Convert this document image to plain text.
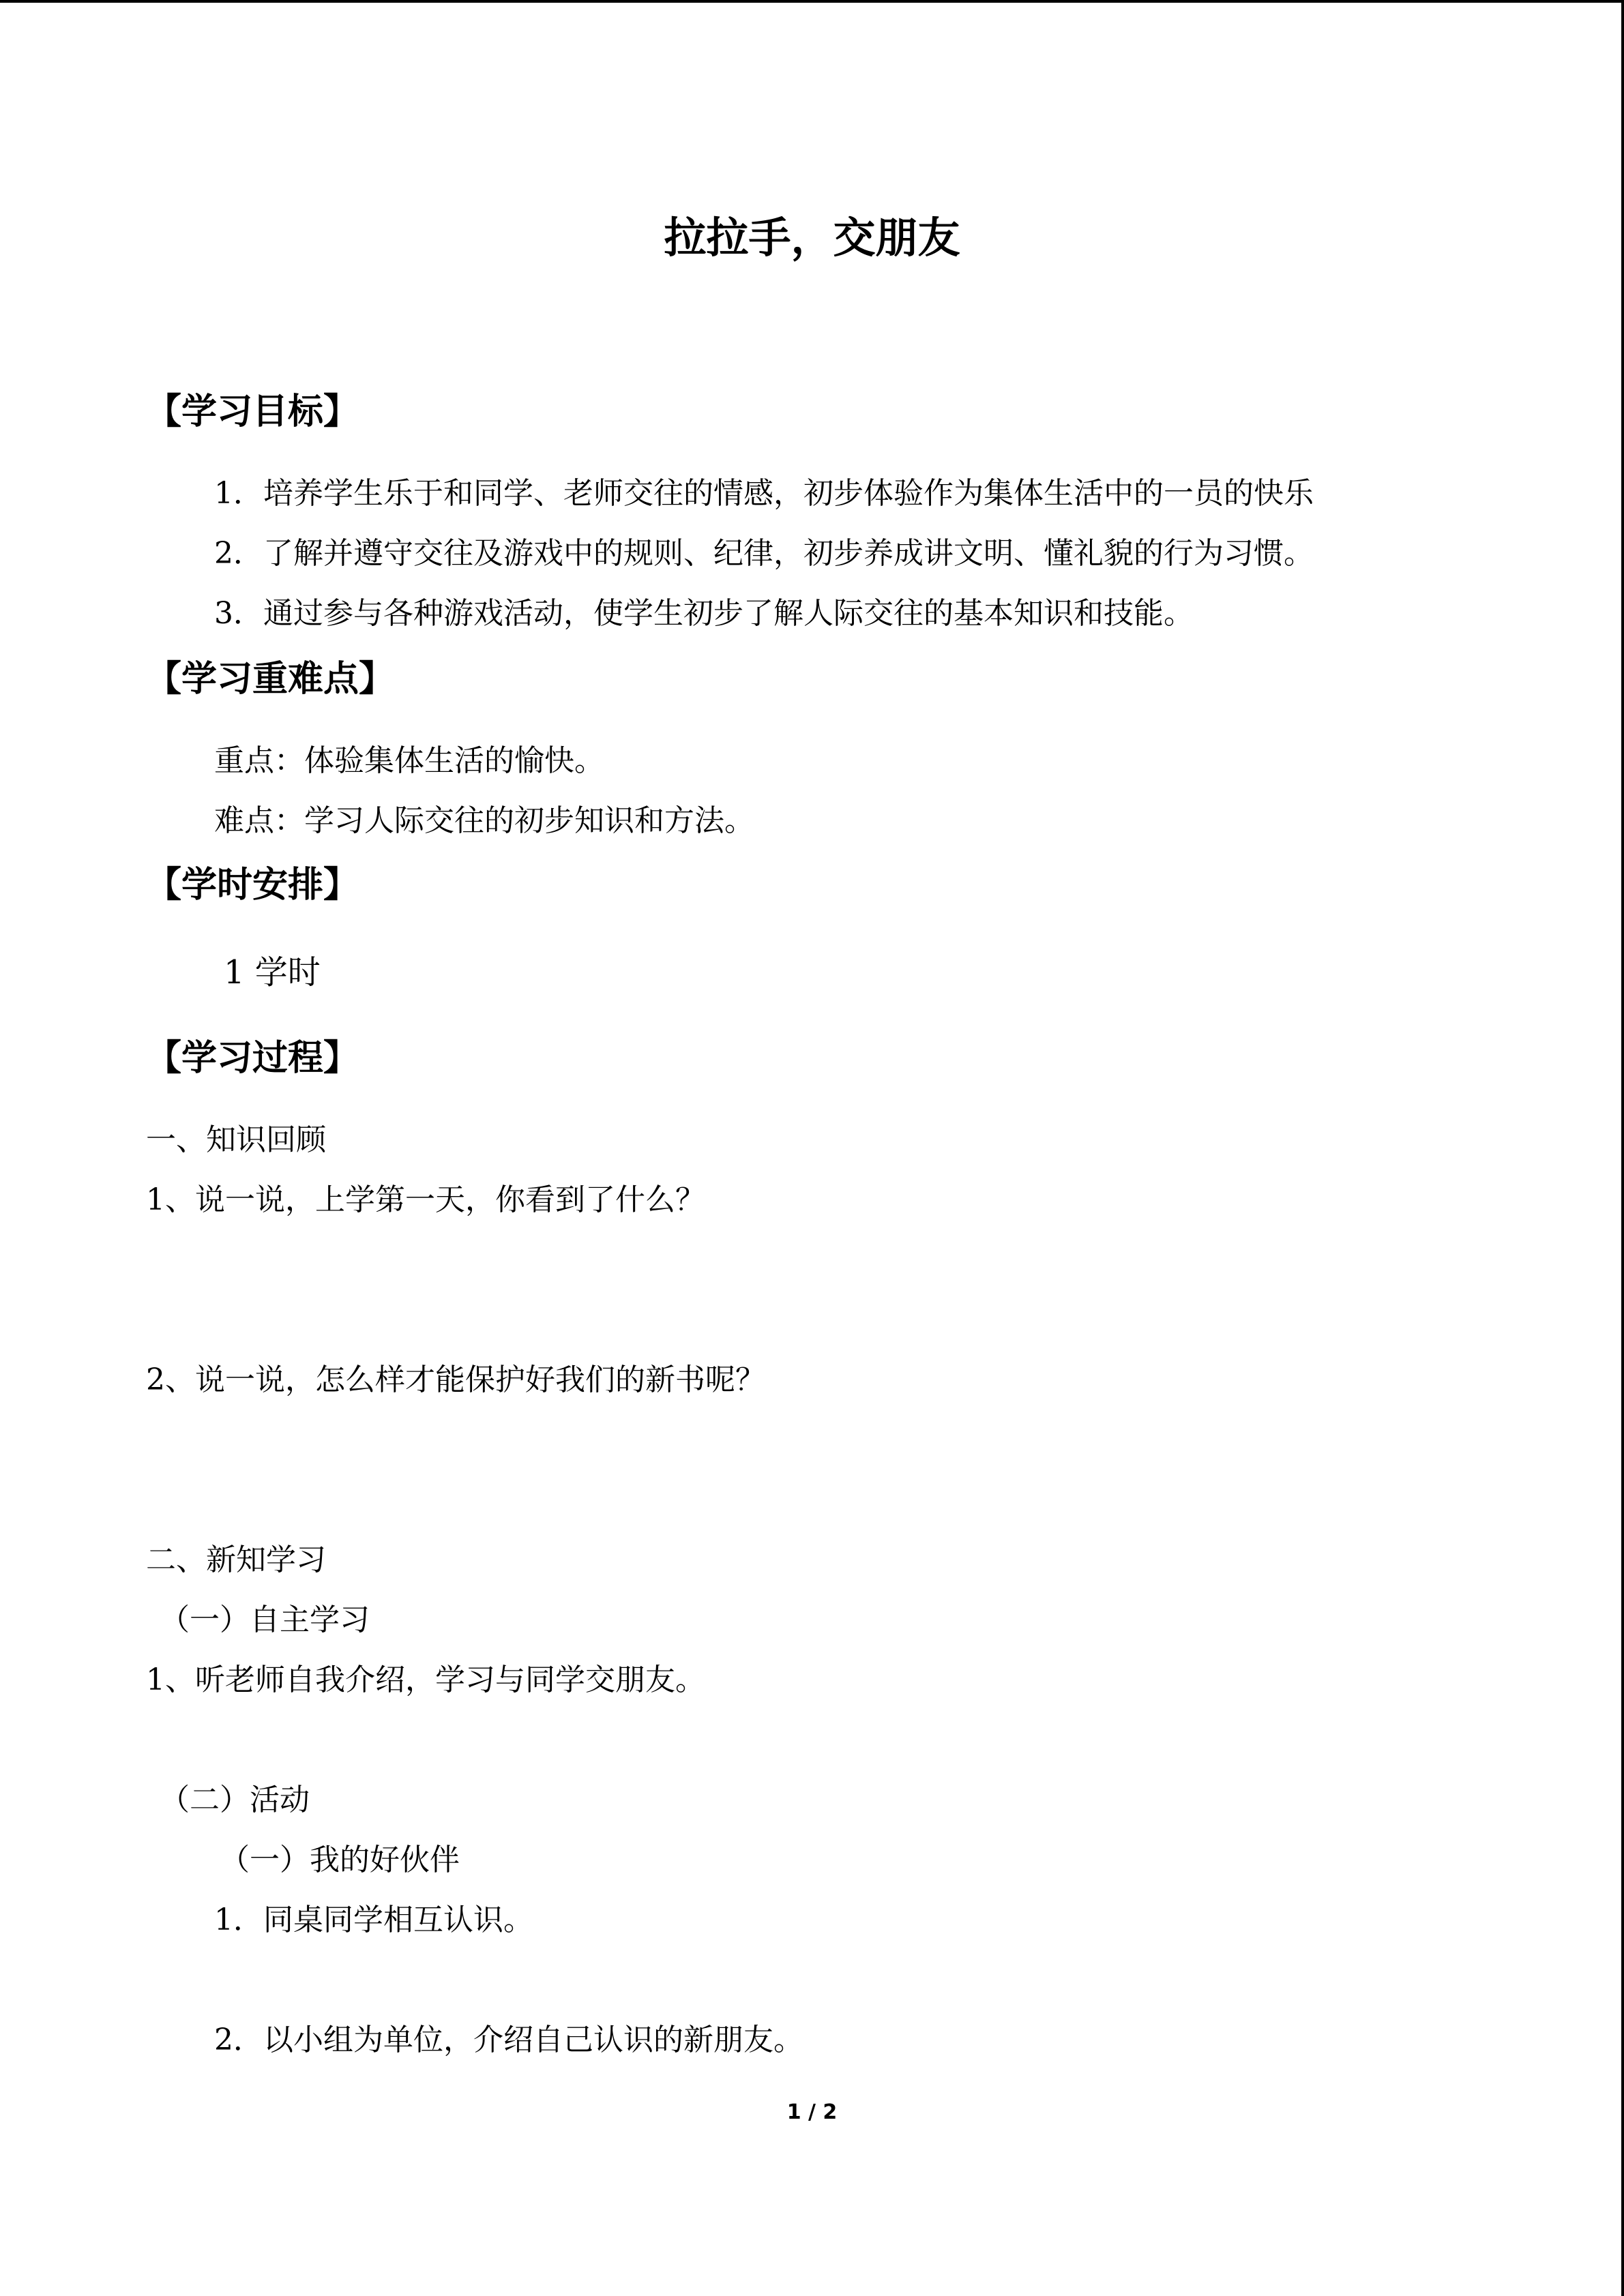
拉拉手，交朋友
【学习目标】
1．培养学生乐于和同学、老师交往的情感，初步体验作为集体生活中的一员的快乐
2．了解并遵守交往及游戏中的规则、纪律，初步养成讲文明、懂礼貌的行为习惯。
3．通过参与各种游戏活动，使学生初步了解人际交往的基本知识和技能。
【学习重难点】
重点：体验集体生活的愉快。
难点：学习人际交往的初步知识和方法。
【学时安排】
1 学时
【学习过程】
一、知识回顾
1、说一说，上学第一天，你看到了什么？
2、说一说，怎么样才能保护好我们的新书呢？
二、新知学习
（一）自主学习
1、听老师自我介绍，学习与同学交朋友。
（二）活动
（一）我的好伙伴
1．同桌同学相互认识。
2．以小组为单位，介绍自己认识的新朋友。
1 / 2
